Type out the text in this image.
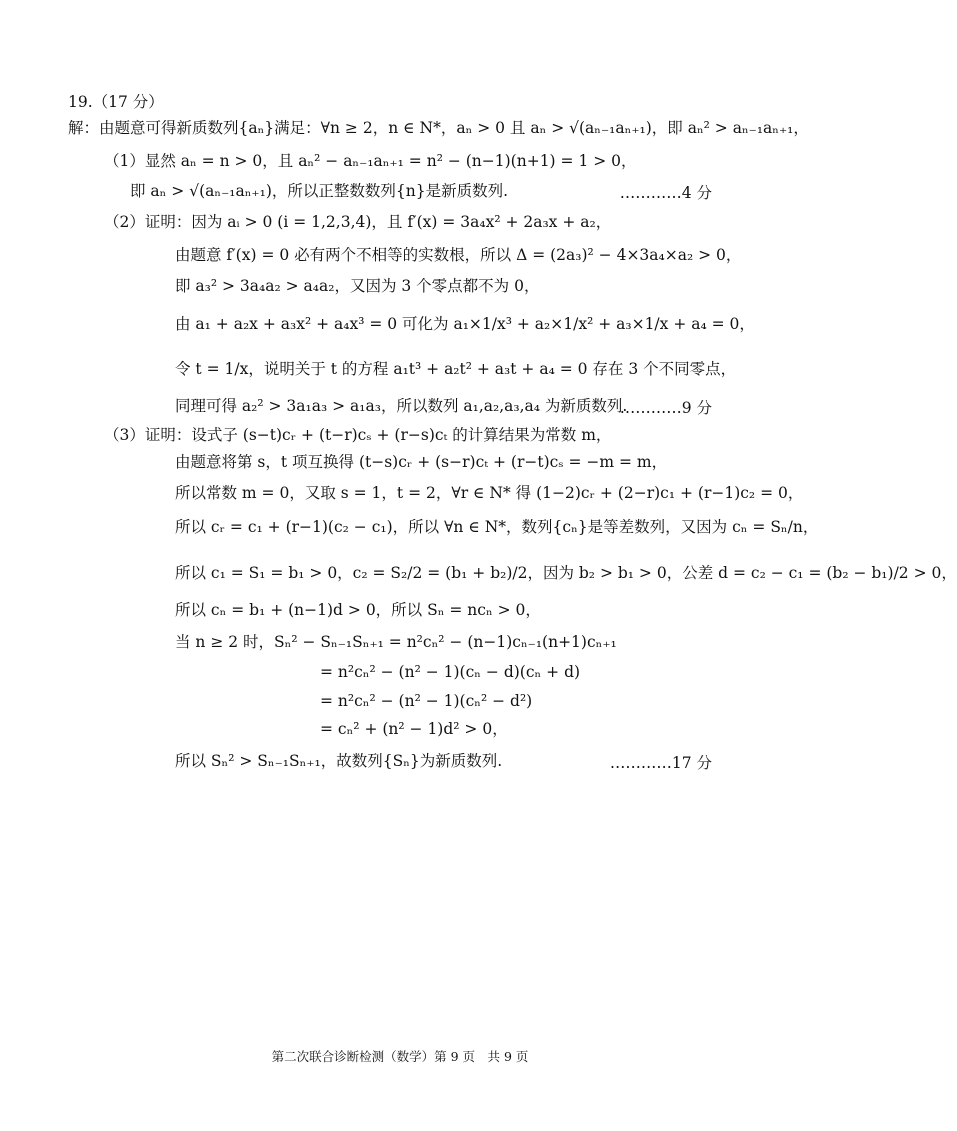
19.（17 分）
解：由题意可得新质数列{aₙ}满足：∀n ≥ 2，n ∈ N*，aₙ > 0 且 aₙ > √(aₙ₋₁aₙ₊₁)，即 aₙ² > aₙ₋₁aₙ₊₁，
（1）显然 aₙ = n > 0，且 aₙ² − aₙ₋₁aₙ₊₁ = n² − (n−1)(n+1) = 1 > 0，
即 aₙ > √(aₙ₋₁aₙ₊₁)，所以正整数数列{n}是新质数列.	…………4 分
（2）证明：因为 aᵢ > 0 (i = 1,2,3,4)，且 f′(x) = 3a₄x² + 2a₃x + a₂，
由题意 f′(x) = 0 必有两个不相等的实数根，所以 Δ = (2a₃)² − 4×3a₄×a₂ > 0，
即 a₃² > 3a₄a₂ > a₄a₂，又因为 3 个零点都不为 0，
由 a₁ + a₂x + a₃x² + a₄x³ = 0 可化为 a₁×1/x³ + a₂×1/x² + a₃×1/x + a₄ = 0，
令 t = 1/x，说明关于 t 的方程 a₁t³ + a₂t² + a₃t + a₄ = 0 存在 3 个不同零点，
同理可得 a₂² > 3a₁a₃ > a₁a₃，所以数列 a₁,a₂,a₃,a₄ 为新质数列.
…………9 分
（3）证明：设式子 (s−t)cᵣ + (t−r)cₛ + (r−s)cₜ 的计算结果为常数 m，
由题意将第 s，t 项互换得 (t−s)cᵣ + (s−r)cₜ + (r−t)cₛ = −m = m，
所以常数 m = 0，又取 s = 1，t = 2，∀r ∈ N* 得 (1−2)cᵣ + (2−r)c₁ + (r−1)c₂ = 0，
所以 cᵣ = c₁ + (r−1)(c₂ − c₁)，所以 ∀n ∈ N*，数列{cₙ}是等差数列，又因为 cₙ = Sₙ/n，
所以 c₁ = S₁ = b₁ > 0，c₂ = S₂/2 = (b₁ + b₂)/2，因为 b₂ > b₁ > 0，公差 d = c₂ − c₁ = (b₂ − b₁)/2 > 0，
所以 cₙ = b₁ + (n−1)d > 0，所以 Sₙ = ncₙ > 0，
当 n ≥ 2 时，Sₙ² − Sₙ₋₁Sₙ₊₁ = n²cₙ² − (n−1)cₙ₋₁(n+1)cₙ₊₁
= n²cₙ² − (n² − 1)(cₙ − d)(cₙ + d)
= n²cₙ² − (n² − 1)(cₙ² − d²)
= cₙ² + (n² − 1)d² > 0，
所以 Sₙ² > Sₙ₋₁Sₙ₊₁，故数列{Sₙ}为新质数列.	…………17 分
第二次联合诊断检测（数学）第 9 页　共 9 页
